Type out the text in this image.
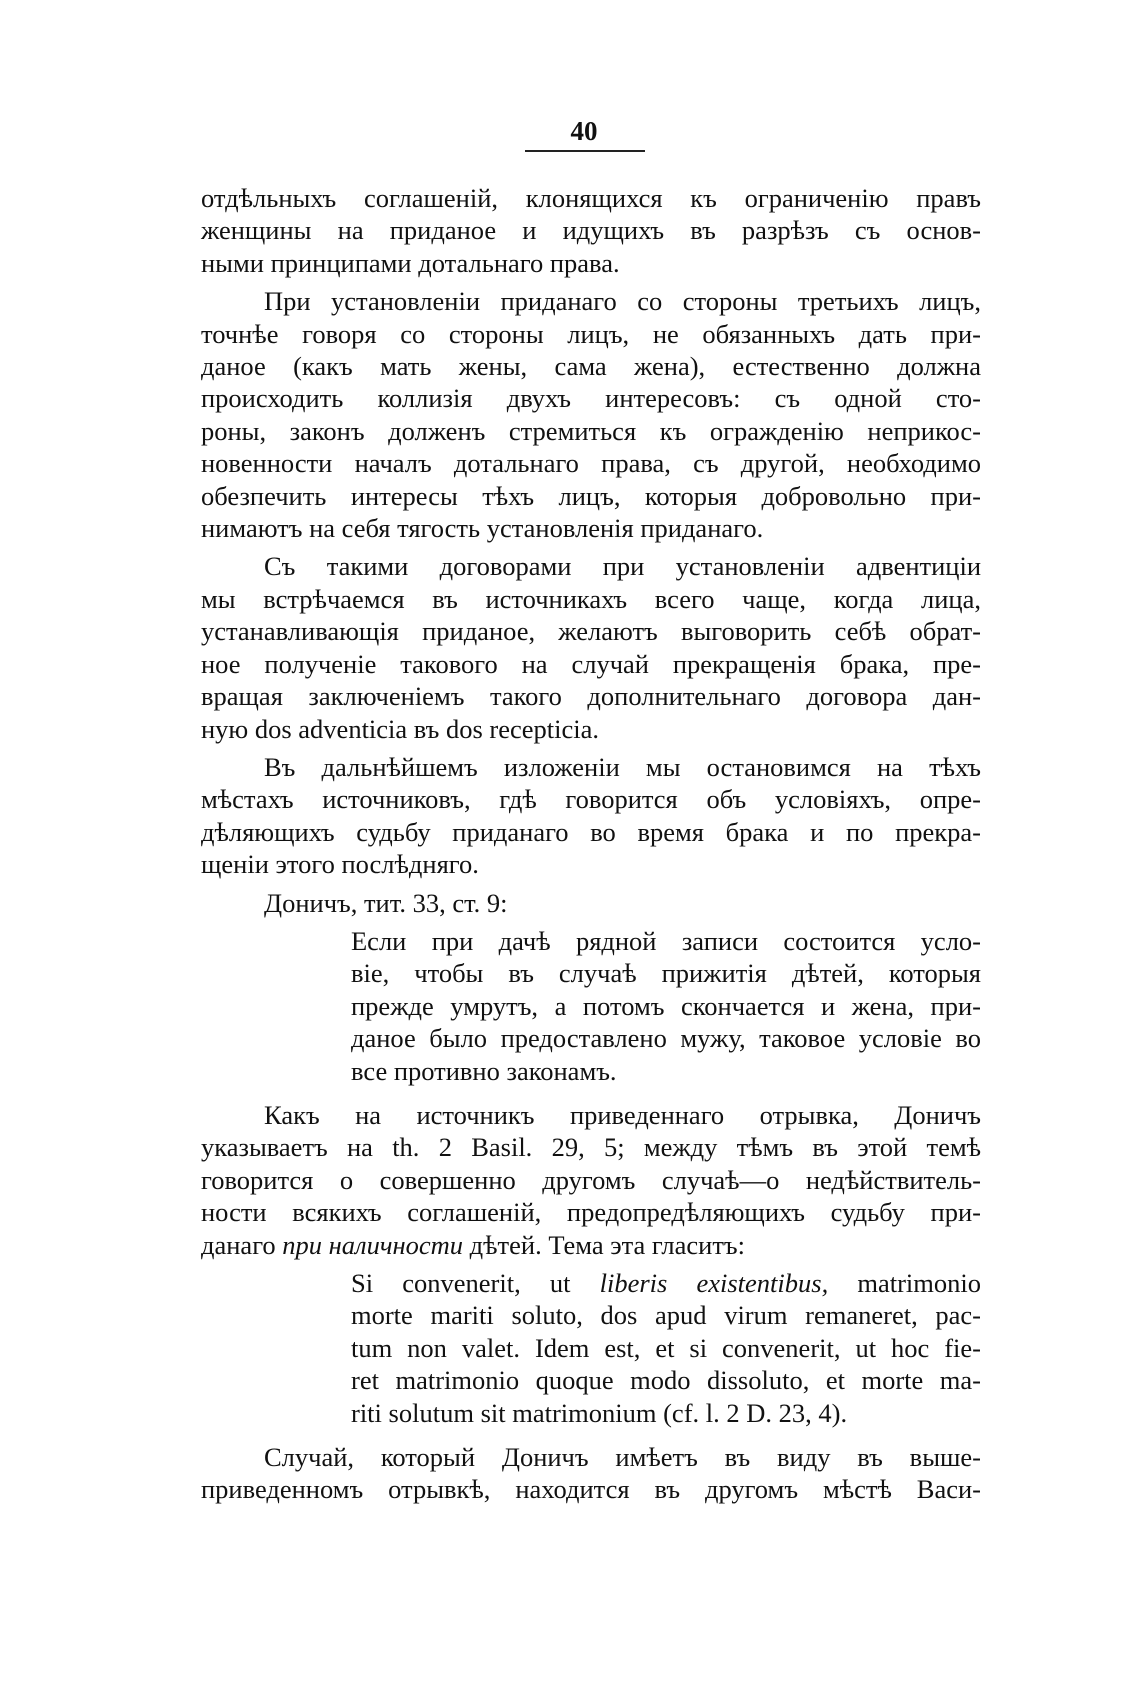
40

отдѣльныхъ соглашеній, клонящихся къ ограниченію правъ
женщины на приданое и идущихъ въ разрѣзъ съ основ-
ными принципами дотальнаго права.

При установленіи приданаго со стороны третьихъ лицъ,
точнѣе говоря со стороны лицъ, не обязанныхъ дать при-
даное (какъ мать жены, сама жена), естественно должна
происходить коллизія двухъ интересовъ: съ одной сто-
роны, законъ долженъ стремиться къ огражденію неприкос-
новенности началъ дотальнаго права, съ другой, необходимо
обезпечить интересы тѣхъ лицъ, которыя добровольно при-
нимаютъ на себя тягость установленія приданаго.

Съ такими договорами при установленіи адвентиціи
мы встрѣчаемся въ источникахъ всего чаще, когда лица,
устанавливающія приданое, желаютъ выговорить себѣ обрат-
ное полученіе такового на случай прекращенія брака, пре-
вращая заключеніемъ такого дополнительнаго договора дан-
ную dos adventicia въ dos recepticia.

Въ дальнѣйшемъ изложеніи мы остановимся на тѣхъ
мѣстахъ источниковъ, гдѣ говорится объ условіяхъ, опре-
дѣляющихъ судьбу приданаго во время брака и по прекра-
щеніи этого послѣдняго.

Доничъ, тит. 33, ст. 9:

Если при дачѣ рядной записи состоится усло-
віе, чтобы въ случаѣ прижитія дѣтей, которыя
прежде умрутъ, а потомъ скончается и жена, при-
даное было предоставлено мужу, таковое условіе во
все противно законамъ.

Какъ на источникъ приведеннаго отрывка, Доничъ
указываетъ на th. 2 Basil. 29, 5; между тѣмъ въ этой темѣ
говорится о совершенно другомъ случаѣ—о недѣйствитель-
ности всякихъ соглашеній, предопредѣляющихъ судьбу при-
данаго при наличности дѣтей. Тема эта гласитъ:

Si convenerit, ut liberis existentibus, matrimonio
morte mariti soluto, dos apud virum remaneret, pac-
tum non valet. Idem est, et si convenerit, ut hoc fie-
ret matrimonio quoque modo dissoluto, et morte ma-
riti solutum sit matrimonium (cf. l. 2 D. 23, 4).

Случай, который Доничъ имѣетъ въ виду въ выше-
приведенномъ отрывкѣ, находится въ другомъ мѣстѣ Васи-
